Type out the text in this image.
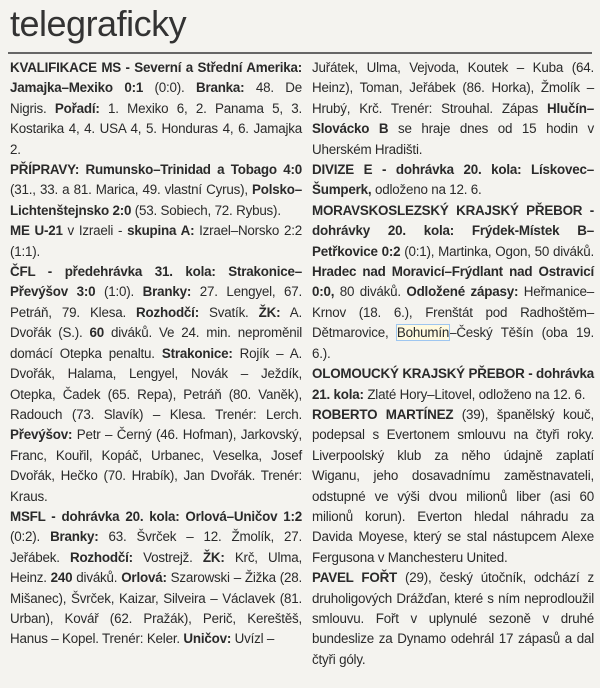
telegraficky

KVALIFIKACE MS - Severní a Střední Amerika: Jamajka–Mexiko 0:1 (0:0). Branka: 48. De Nigris. Pořadí: 1. Mexiko 6, 2. Panama 5, 3. Kostarika 4, 4. USA 4, 5. Honduras 4, 6. Jamajka 2.

PŘÍPRAVY: Rumunsko–Trinidad a Tobago 4:0 (31., 33. a 81. Marica, 49. vlastní Cyrus), Polsko–Lichtenštejnsko 2:0 (53. Sobiech, 72. Rybus).

ME U-21 v Izraeli - skupina A: Izrael–Norsko 2:2 (1:1).

ČFL - předehrávka 31. kola: Strakonice–Převýšov 3:0 (1:0). Branky: 27. Lengyel, 67. Petráň, 79. Klesa. Rozhodčí: Svatík. ŽK: A. Dvořák (S.). 60 diváků. Ve 24. min. neproměnil domácí Otepka penaltu. Strakonice: Rojík – A. Dvořák, Halama, Lengyel, Novák – Ježdík, Otepka, Čadek (65. Repa), Petráň (80. Vaněk), Radouch (73. Slavík) – Klesa. Trenér: Lerch. Převýšov: Petr – Černý (46. Hofman), Jarkovský, Franc, Kouřil, Kopáč, Urbanec, Veselka, Josef Dvořák, Hečko (70. Hrabík), Jan Dvořák. Trenér: Kraus.

MSFL - dohrávka 20. kola: Orlová–Uničov 1:2 (0:2). Branky: 63. Švrček – 12. Žmolík, 27. Jeřábek. Rozhodčí: Vostrejž. ŽK: Krč, Ulma, Heinz. 240 diváků. Orlová: Szarowski – Žižka (28. Mišanec), Švrček, Kaizar, Silveira – Václavek (81. Urban), Kovář (62. Pražák), Perič, Kereštěš, Hanus – Kopel. Trenér: Keler. Uničov: Uvízl –

Juřátek, Ulma, Vejvoda, Koutek – Kuba (64. Heinz), Toman, Jeřábek (86. Horka), Žmolík – Hrubý, Krč. Trenér: Strouhal. Zápas Hlučín–Slovácko B se hraje dnes od 15 hodin v Uherském Hradišti.

DIVIZE E - dohrávka 20. kola: Lískovec–Šumperk, odloženo na 12. 6.

MORAVSKOSLEZSKÝ KRAJSKÝ PŘEBOR - dohrávky 20. kola: Frýdek-Místek B–Petřkovice 0:2 (0:1), Martinka, Ogon, 50 diváků. Hradec nad Moravicí–Frýdlant nad Ostravicí 0:0, 80 diváků. Odložené zápasy: Heřmanice–Krnov (18. 6.), Frenštát pod Radhoštěm–Dětmarovice, Bohumín–Český Těšín (oba 19. 6.).

OLOMOUCKÝ KRAJSKÝ PŘEBOR - dohrávka 21. kola: Zlaté Hory–Litovel, odloženo na 12. 6.

ROBERTO MARTÍNEZ (39), španělský kouč, podepsal s Evertonem smlouvu na čtyři roky. Liverpoolský klub za něho údajně zaplatí Wiganu, jeho dosavadnímu zaměstnavateli, odstupné ve výši dvou milionů liber (asi 60 milionů korun). Everton hledal náhradu za Davida Moyese, který se stal nástupcem Alexe Fergusona v Manchesteru United.

PAVEL FOŘT (29), český útočník, odchází z druholigových Drážďan, které s ním neprodloužil smlouvu. Fořt v uplynulé sezoně v druhé bundeslize za Dynamo odehrál 17 zápasů a dal čtyři góly.
